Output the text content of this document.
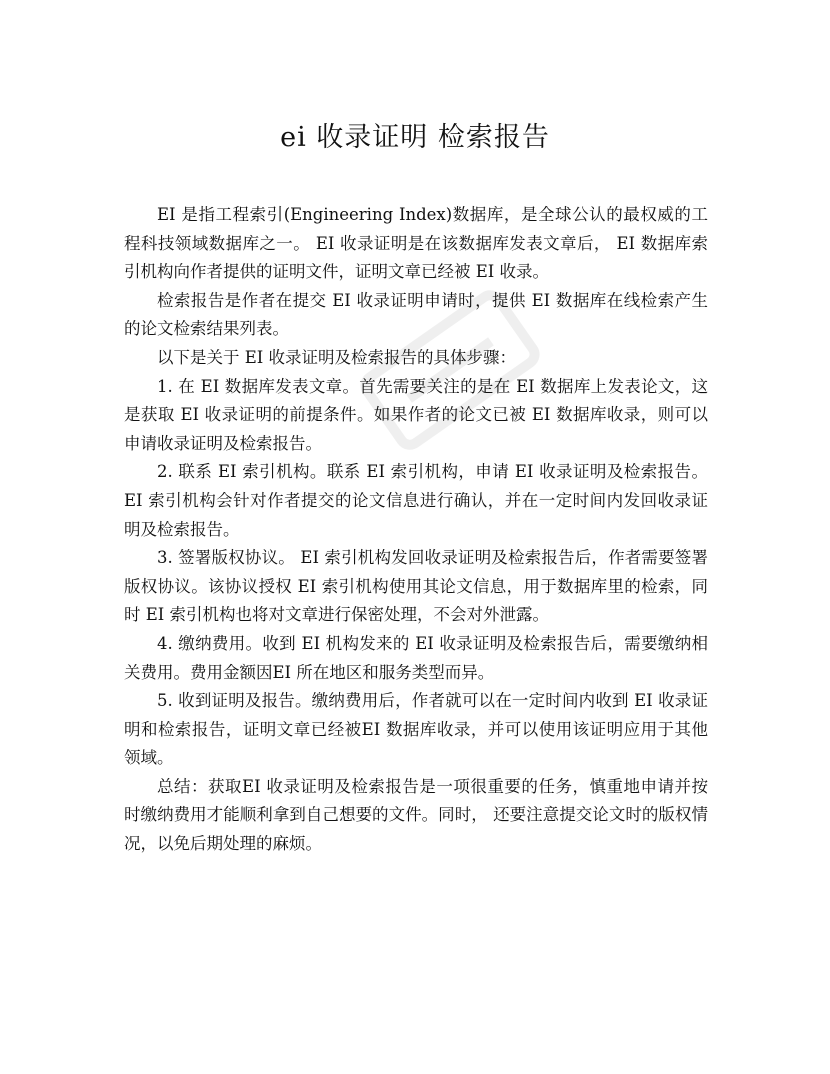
ei 收录证明 检索报告

EI 是指工程索引(Engineering Index)数据库，是全球公认的最权威的工程科技领域数据库之一。 EI 收录证明是在该数据库发表文章后， EI 数据库索引机构向作者提供的证明文件，证明文章已经被 EI 收录。

检索报告是作者在提交 EI 收录证明申请时，提供 EI 数据库在线检索产生的论文检索结果列表。

以下是关于 EI 收录证明及检索报告的具体步骤：

1. 在 EI 数据库发表文章。首先需要关注的是在 EI 数据库上发表论文，这是获取 EI 收录证明的前提条件。如果作者的论文已被 EI 数据库收录，则可以申请收录证明及检索报告。

2. 联系 EI 索引机构。联系 EI 索引机构，申请 EI 收录证明及检索报告。 EI 索引机构会针对作者提交的论文信息进行确认，并在一定时间内发回收录证明及检索报告。

3. 签署版权协议。 EI 索引机构发回收录证明及检索报告后，作者需要签署版权协议。该协议授权 EI 索引机构使用其论文信息，用于数据库里的检索，同时 EI 索引机构也将对文章进行保密处理，不会对外泄露。

4. 缴纳费用。收到 EI 机构发来的 EI 收录证明及检索报告后，需要缴纳相关费用。费用金额因EI 所在地区和服务类型而异。

5. 收到证明及报告。缴纳费用后，作者就可以在一定时间内收到 EI 收录证明和检索报告，证明文章已经被EI 数据库收录，并可以使用该证明应用于其他领域。

总结：获取EI 收录证明及检索报告是一项很重要的任务，慎重地申请并按时缴纳费用才能顺利拿到自己想要的文件。同时， 还要注意提交论文时的版权情况，以免后期处理的麻烦。
